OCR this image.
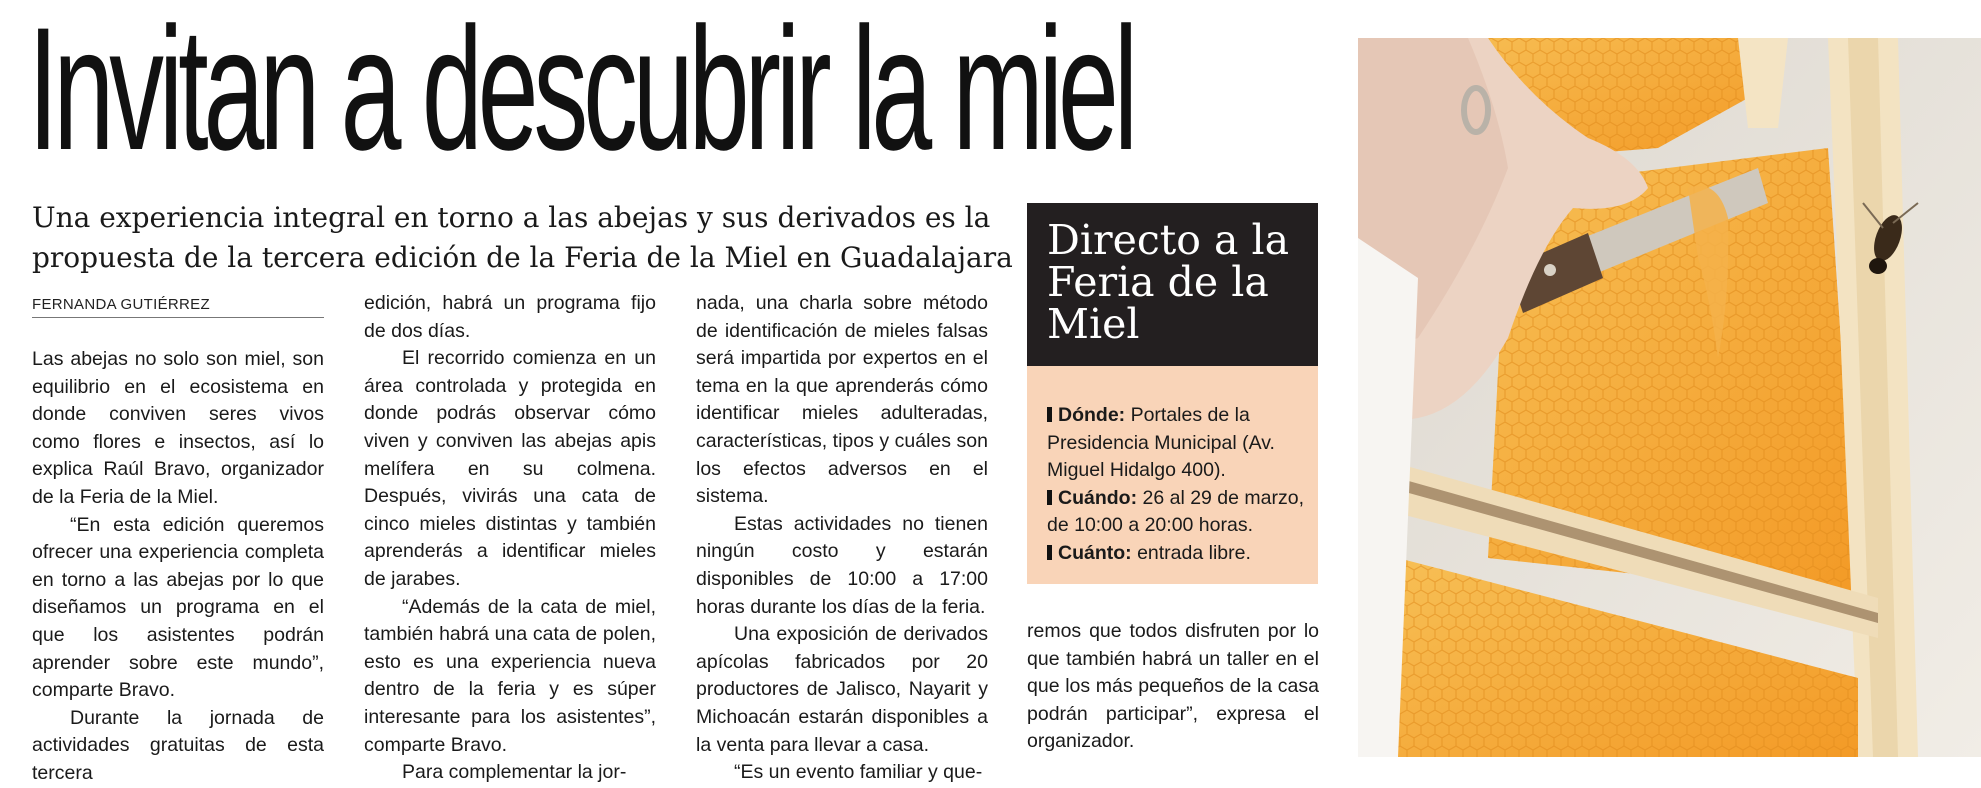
Invitan a descubrir la miel

Una experiencia integral en torno a las abejas y sus derivados es la propuesta de la tercera edición de la Feria de la Miel en Guadalajara

FERNANDA GUTIÉRREZ

Las abejas no solo son miel, son equilibrio en el ecosistema en donde conviven seres vivos como flores e insectos, así lo explica Raúl Bravo, organizador de la Feria de la Miel.

“En esta edición queremos ofrecer una experiencia completa en torno a las abejas por lo que diseñamos un programa en el que los asistentes podrán aprender sobre este mundo”, comparte Bravo.

Durante la jornada de actividades gratuitas de esta tercera

edición, habrá un programa fijo de dos días.

El recorrido comienza en un área controlada y protegida en donde podrás observar cómo viven y conviven las abejas apis melífera en su colmena. Después, vivirás una cata de cinco mieles distintas y también aprenderás a identificar mieles de jarabes.

“Además de la cata de miel, también habrá una cata de polen, esto es una experiencia nueva dentro de la feria y es súper interesante para los asistentes”, comparte Bravo.

Para complementar la jor-

nada, una charla sobre método de identificación de mieles falsas será impartida por expertos en el tema en la que aprenderás cómo identificar mieles adulteradas, características, tipos y cuáles son los efectos adversos en el sistema.

Estas actividades no tienen ningún costo y estarán disponibles de 10:00 a 17:00 horas durante los días de la feria.

Una exposición de derivados apícolas fabricados por 20 productores de Jalisco, Nayarit y Michoacán estarán disponibles a la venta para llevar a casa.

“Es un evento familiar y que-

Directo a la Feria de la Miel
Dónde: Portales de la Presidencia Municipal (Av. Miguel Hidalgo 400).
Cuándo: 26 al 29 de marzo, de 10:00 a 20:00 horas.
Cuánto: entrada libre.

remos que todos disfruten por lo que también habrá un taller en el que los más pequeños de la casa podrán participar”, expresa el organizador.
